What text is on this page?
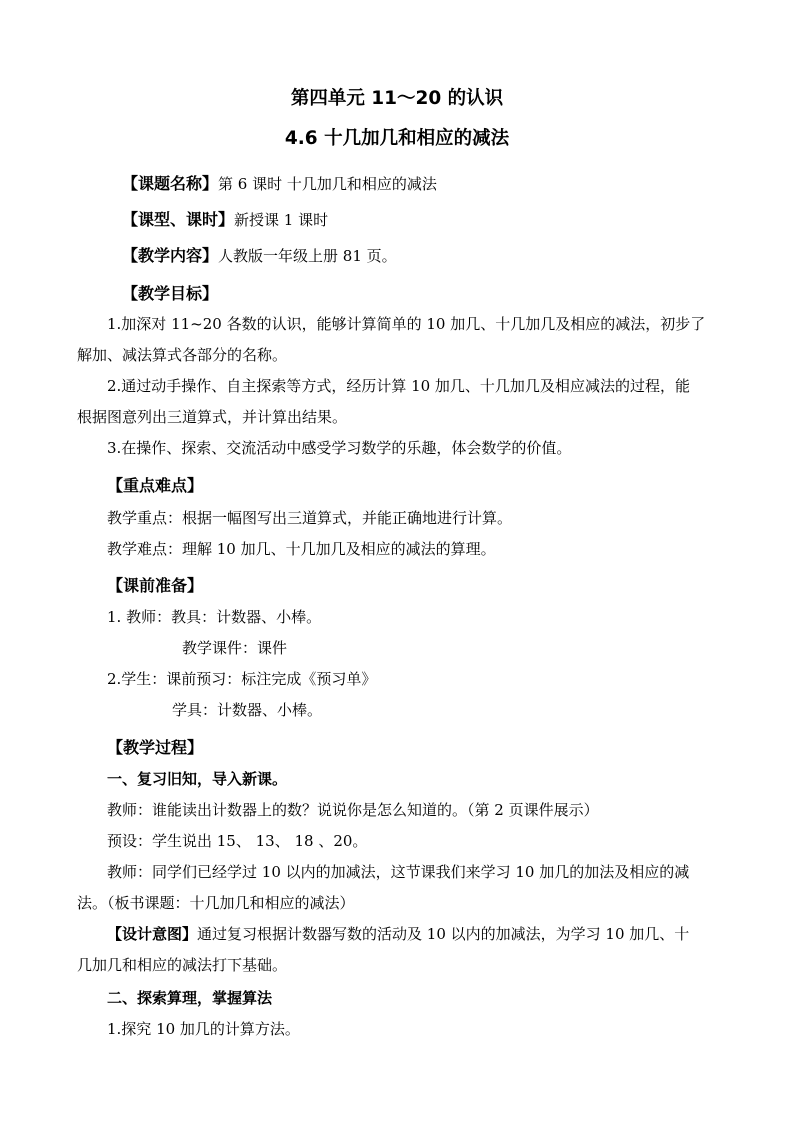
第四单元 11～20 的认识
4.6 十几加几和相应的减法
【课题名称】第 6 课时 十几加几和相应的减法
【课型、课时】新授课 1 课时
【教学内容】人教版一年级上册 81 页。
【教学目标】
1.加深对 11~20 各数的认识，能够计算简单的 10 加几、十几加几及相应的减法，初步了
解加、减法算式各部分的名称。
2.通过动手操作、自主探索等方式，经历计算 10 加几、十几加几及相应减法的过程，能
根据图意列出三道算式，并计算出结果。
3.在操作、探索、交流活动中感受学习数学的乐趣，体会数学的价值。
【重点难点】
教学重点：根据一幅图写出三道算式，并能正确地进行计算。
教学难点：理解 10 加几、十几加几及相应的减法的算理。
【课前准备】
1. 教师：教具：计数器、小棒。
教学课件：课件
2.学生：课前预习：标注完成《预习单》
学具：计数器、小棒。
【教学过程】
一、复习旧知，导入新课。
教师：谁能读出计数器上的数？说说你是怎么知道的。（第 2 页课件展示）
预设：学生说出 15、 13、 18 、20。
教师：同学们已经学过 10 以内的加减法，这节课我们来学习 10 加几的加法及相应的减
法。（板书课题：十几加几和相应的减法）
【设计意图】通过复习根据计数器写数的活动及 10 以内的加减法，为学习 10 加几、十
几加几和相应的减法打下基础。
二、探索算理，掌握算法
1.探究 10 加几的计算方法。
